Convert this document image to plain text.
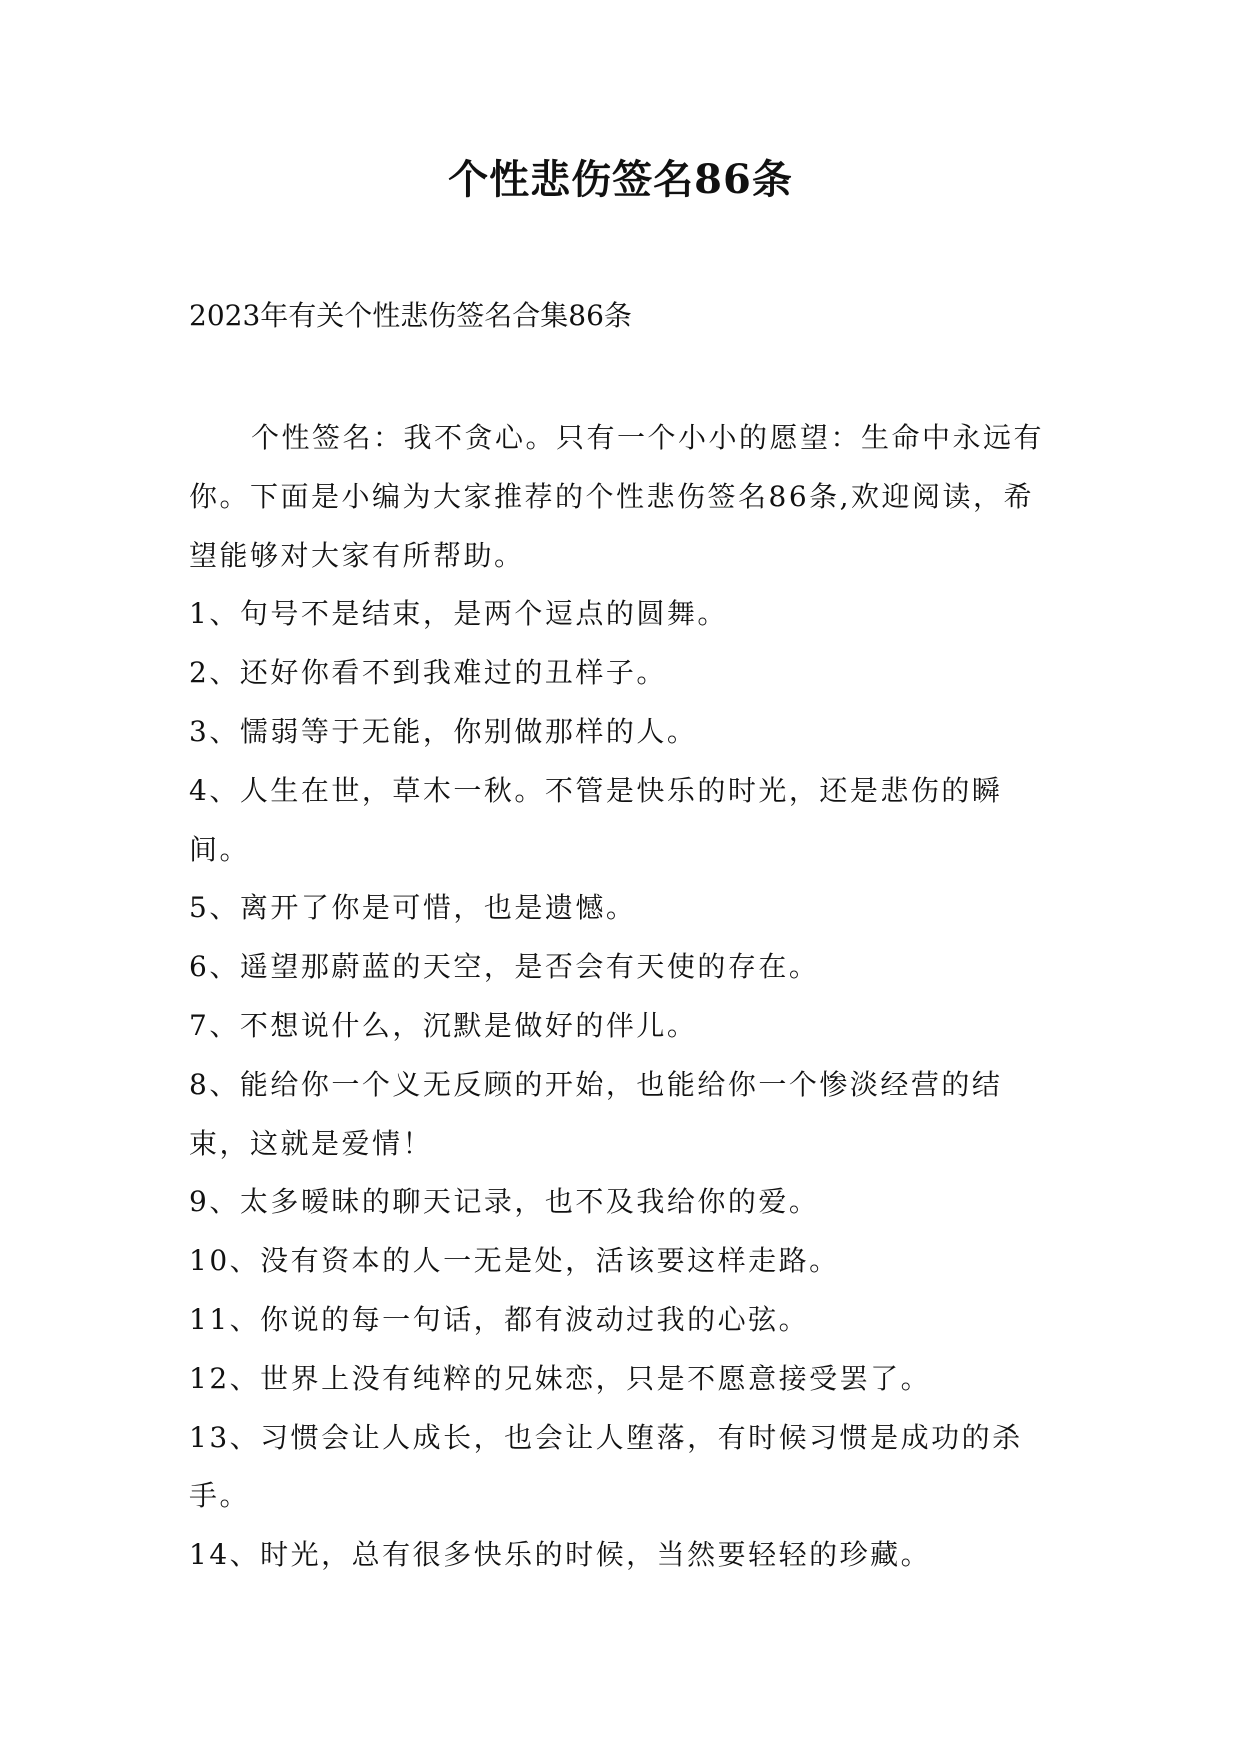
个性悲伤签名86条

2023年有关个性悲伤签名合集86条

个性签名：我不贪心。只有一个小小的愿望：生命中永远有你。下面是小编为大家推荐的个性悲伤签名86条,欢迎阅读，希望能够对大家有所帮助。

1、句号不是结束，是两个逗点的圆舞。

2、还好你看不到我难过的丑样子。

3、懦弱等于无能，你别做那样的人。

4、人生在世，草木一秋。不管是快乐的时光，还是悲伤的瞬间。

5、离开了你是可惜，也是遗憾。

6、遥望那蔚蓝的天空，是否会有天使的存在。

7、不想说什么，沉默是做好的伴儿。

8、能给你一个义无反顾的开始，也能给你一个惨淡经营的结束，这就是爱情！

9、太多暧昧的聊天记录，也不及我给你的爱。

10、没有资本的人一无是处，活该要这样走路。

11、你说的每一句话，都有波动过我的心弦。

12、世界上没有纯粹的兄妹恋，只是不愿意接受罢了。

13、习惯会让人成长，也会让人堕落，有时候习惯是成功的杀手。

14、时光，总有很多快乐的时候，当然要轻轻的珍藏。
